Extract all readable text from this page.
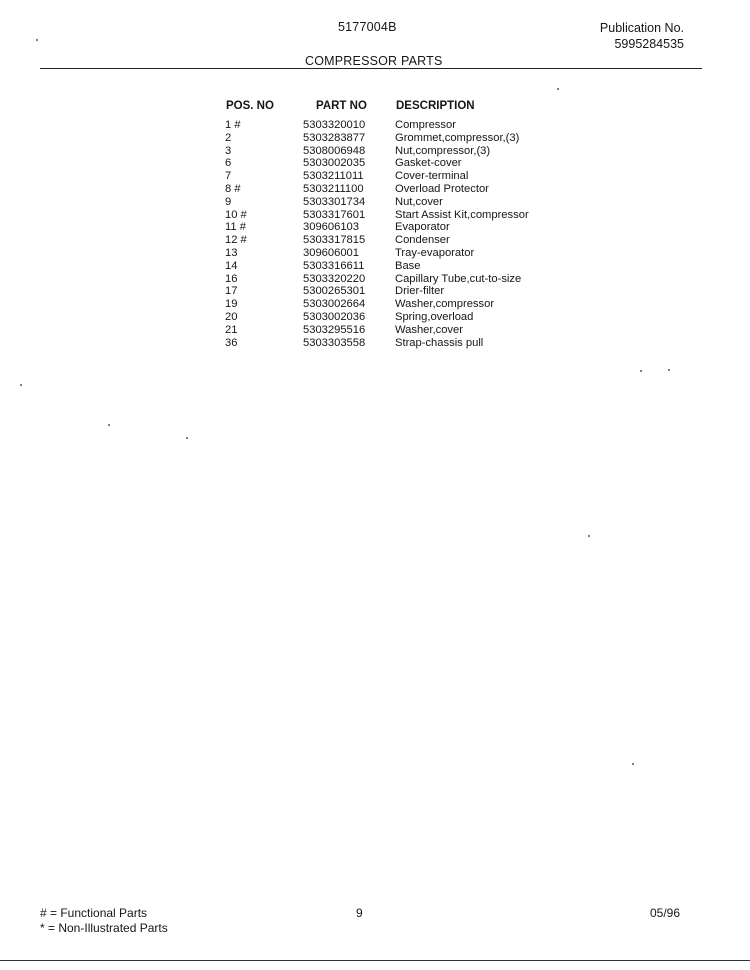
5177004B	Publication No.
5995284535
COMPRESSOR PARTS
POS. NO	PART NO	DESCRIPTION
1 #	5303320010	Compressor
2	5303283877	Grommet,compressor,(3)
3	5308006948	Nut,compressor,(3)
6	5303002035	Gasket-cover
7	5303211011	Cover-terminal
8 #	5303211100	Overload Protector
9	5303301734	Nut,cover
10 #	5303317601	Start Assist Kit,compressor
11 #	309606103	Evaporator
12 #	5303317815	Condenser
13	309606001	Tray-evaporator
14	5303316611	Base
16	5303320220	Capillary Tube,cut-to-size
17	5300265301	Drier-filter
19	5303002664	Washer,compressor
20	5303002036	Spring,overload
21	5303295516	Washer,cover
36	5303303558	Strap-chassis pull
# = Functional Parts
* = Non-Illustrated Parts
9	05/96
